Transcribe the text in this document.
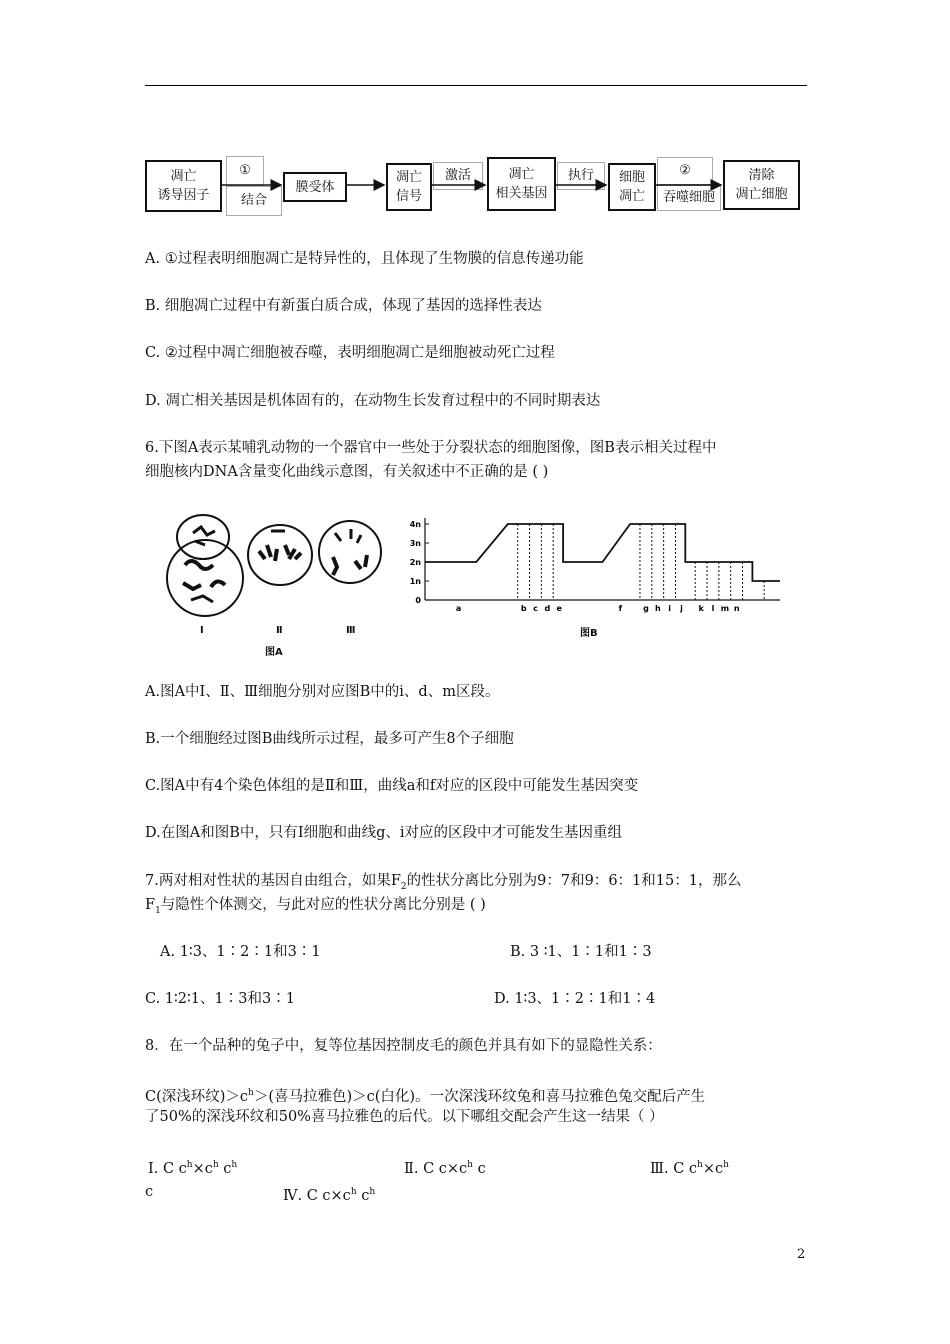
凋亡
诱导因子
①
结合
膜受体
凋亡
信号
激活	凋亡
相关基因
执行	细胞
凋亡
②
吞噬细胞
清除
凋亡细胞
A. ①过程表明细胞凋亡是特异性的，且体现了生物膜的信息传递功能
B. 细胞凋亡过程中有新蛋白质合成，体现了基因的选择性表达
C. ②过程中凋亡细胞被吞噬，表明细胞凋亡是细胞被动死亡过程
D. 凋亡相关基因是机体固有的，在动物生长发育过程中的不同时期表达
6.下图A表示某哺乳动物的一个器官中一些处于分裂状态的细胞图像，图B表示相关过程中
细胞核内DNA含量变化曲线示意图，有关叙述中不正确的是 ( )
Ⅰ	Ⅱ	Ⅲ
图A
4n
3n
2n
1n
0
a	b c d e	f	g h i j k l m n
图B
A.图A中Ⅰ、Ⅱ、Ⅲ细胞分别对应图B中的i、d、m区段。
B.一个细胞经过图B曲线所示过程，最多可产生8个子细胞
C.图A中有4个染色体组的是Ⅱ和Ⅲ，曲线a和f对应的区段中可能发生基因突变
D.在图A和图B中，只有Ⅰ细胞和曲线g、i对应的区段中才可能发生基因重组
7.两对相对性状的基因自由组合，如果$F_2$的性状分离比分别为9：7和9：6：1和15：1，那么
$F_1$与隐性个体测交，与此对应的性状分离比分别是 ( )
A. 1∶3、1∶2∶1和3∶1	B. 3 ∶1、1∶1和1∶3
C. 1∶2∶1、1∶3和3∶1	D. 1∶3、1∶2∶1和1∶4
8．在一个品种的兔子中，复等位基因控制皮毛的颜色并具有如下的显隐性关系：
C(深浅环纹)$>c^h>$(喜马拉雅色)＞c(白化)。一次深浅环纹兔和喜马拉雅色兔交配后产生
了50%的深浅环纹和50%喜马拉雅色的后代。以下哪组交配会产生这一结果（ ）
Ⅰ. C $c^h\times c^h$ $c^h$	Ⅱ. C $c\times c^h$ c	Ⅲ. C $c^h\times c^h$
c	Ⅳ. C $c\times c^h$ $c^h$
2
